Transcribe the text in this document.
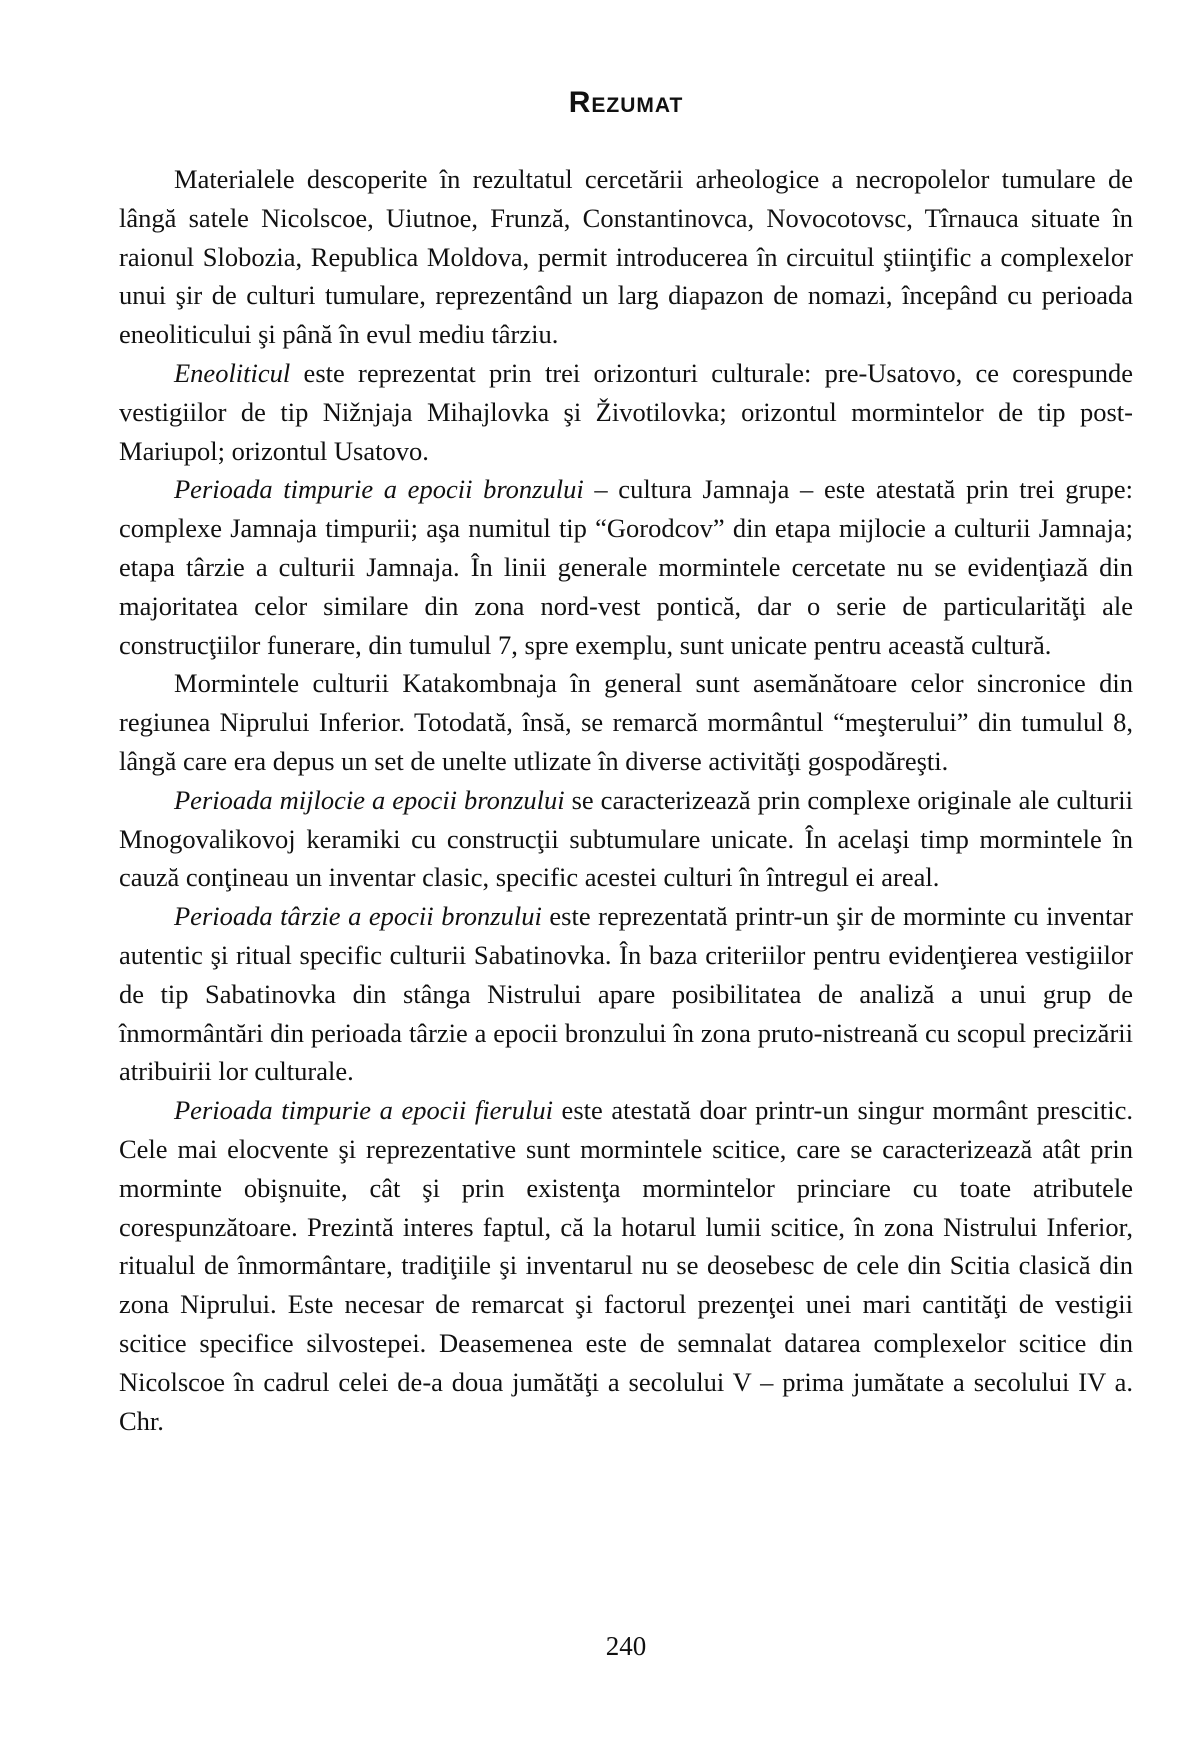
Rezumat

Materialele descoperite în rezultatul cercetării arheologice a necropolelor tumulare de lângă satele Nicolscoe, Uiutnoe, Frunză, Constantinovca, Novocotovsc, Tîrnauca situate în raionul Slobozia, Republica Moldova, permit introducerea în circuitul ştiinţific a complexelor unui şir de culturi tumulare, reprezentând un larg diapazon de nomazi, începând cu perioada eneoliticului şi până în evul mediu târziu.

Eneoliticul este reprezentat prin trei orizonturi culturale: pre-Usatovo, ce corespunde vestigiilor de tip Nižnjaja Mihajlovka şi Životilovka; orizontul mormintelor de tip post-Mariupol; orizontul Usatovo.

Perioada timpurie a epocii bronzului – cultura Jamnaja – este atestată prin trei grupe: complexe Jamnaja timpurii; aşa numitul tip “Gorodcov” din etapa mijlocie a culturii Jamnaja; etapa târzie a culturii Jamnaja. În linii generale mormintele cercetate nu se evidenţiază din majoritatea celor similare din zona nord-vest pontică, dar o serie de particularităţi ale construcţiilor funerare, din tumulul 7, spre exemplu, sunt unicate pentru această cultură.

Mormintele culturii Katakombnaja în general sunt asemănătoare celor sincronice din regiunea Niprului Inferior. Totodată, însă, se remarcă mormântul “meşterului” din tumulul 8, lângă care era depus un set de unelte utlizate în diverse activităţi gospodăreşti.

Perioada mijlocie a epocii bronzului se caracterizează prin complexe originale ale culturii Mnogovalikovoj keramiki cu construcţii subtumulare unicate. În acelaşi timp mormintele în cauză conţineau un inventar clasic, specific acestei culturi în întregul ei areal.

Perioada târzie a epocii bronzului este reprezentată printr-un şir de morminte cu inventar autentic şi ritual specific culturii Sabatinovka. În baza criteriilor pentru evidenţierea vestigiilor de tip Sabatinovka din stânga Nistrului apare posibilitatea de analiză a unui grup de înmormântări din perioada târzie a epocii bronzului în zona pruto-nistreană cu scopul precizării atribuirii lor culturale.

Perioada timpurie a epocii fierului este atestată doar printr-un singur mormânt prescitic. Cele mai elocvente şi reprezentative sunt mormintele scitice, care se caracterizează atât prin morminte obişnuite, cât şi prin existenţa mormintelor princiare cu toate atributele corespunzătoare. Prezintă interes faptul, că la hotarul lumii scitice, în zona Nistrului Inferior, ritualul de înmormântare, tradiţiile şi inventarul nu se deosebesc de cele din Scitia clasică din zona Niprului. Este necesar de remarcat şi factorul prezenţei unei mari cantităţi de vestigii scitice specifice silvostepei. Deasemenea este de semnalat datarea complexelor scitice din Nicolscoe în cadrul celei de-a doua jumătăţi a secolului V – prima jumătate a secolului IV a. Chr.

240
